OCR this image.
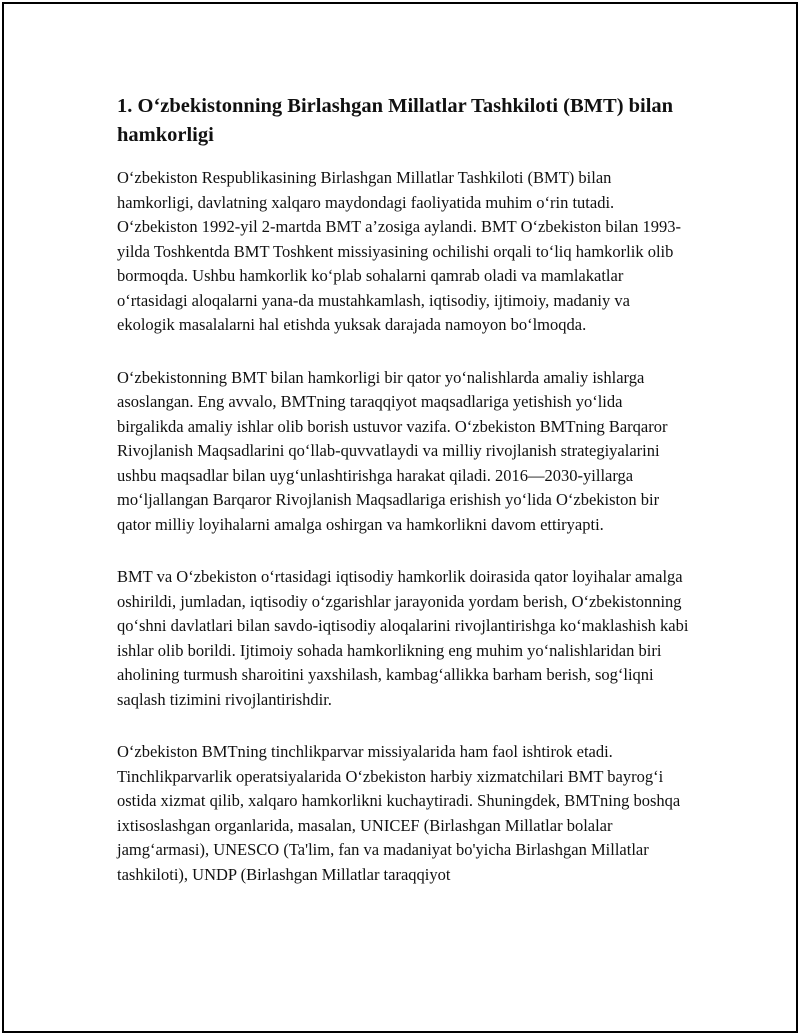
1. O‘zbekistonning Birlashgan Millatlar Tashkiloti (BMT) bilan hamkorligi

O‘zbekiston Respublikasining Birlashgan Millatlar Tashkiloti (BMT) bilan hamkorligi, davlatning xalqaro maydondagi faoliyatida muhim o‘rin tutadi. O‘zbekiston 1992-yil 2-martda BMT a’zosiga aylandi. BMT O‘zbekiston bilan 1993-yilda Toshkentda BMT Toshkent missiyasining ochilishi orqali to‘liq hamkorlik olib bormoqda. Ushbu hamkorlik ko‘plab sohalarni qamrab oladi va mamlakatlar o‘rtasidagi aloqalarni yana-da mustahkamlash, iqtisodiy, ijtimoiy, madaniy va ekologik masalalarni hal etishda yuksak darajada namoyon bo‘lmoqda.

O‘zbekistonning BMT bilan hamkorligi bir qator yo‘nalishlarda amaliy ishlarga asoslangan. Eng avvalo, BMTning taraqqiyot maqsadlariga yetishish yo‘lida birgalikda amaliy ishlar olib borish ustuvor vazifa. O‘zbekiston BMTning Barqaror Rivojlanish Maqsadlarini qo‘llab-quvvatlaydi va milliy rivojlanish strategiyalarini ushbu maqsadlar bilan uyg‘unlashtirishga harakat qiladi. 2016—2030-yillarga mo‘ljallangan Barqaror Rivojlanish Maqsadlariga erishish yo‘lida O‘zbekiston bir qator milliy loyihalarni amalga oshirgan va hamkorlikni davom ettiryapti.

BMT va O‘zbekiston o‘rtasidagi iqtisodiy hamkorlik doirasida qator loyihalar amalga oshirildi, jumladan, iqtisodiy o‘zgarishlar jarayonida yordam berish, O‘zbekistonning qo‘shni davlatlari bilan savdo-iqtisodiy aloqalarini rivojlantirishga ko‘maklashish kabi ishlar olib borildi. Ijtimoiy sohada hamkorlikning eng muhim yo‘nalishlaridan biri aholining turmush sharoitini yaxshilash, kambag‘allikka barham berish, sog‘liqni saqlash tizimini rivojlantirishdir.

O‘zbekiston BMTning tinchlikparvar missiyalarida ham faol ishtirok etadi. Tinchlikparvarlik operatsiyalarida O‘zbekiston harbiy xizmatchilari BMT bayrog‘i ostida xizmat qilib, xalqaro hamkorlikni kuchaytiradi. Shuningdek, BMTning boshqa ixtisoslashgan organlarida, masalan, UNICEF (Birlashgan Millatlar bolalar jamg‘armasi), UNESCO (Ta'lim, fan va madaniyat bo'yicha Birlashgan Millatlar tashkiloti), UNDP (Birlashgan Millatlar taraqqiyot
